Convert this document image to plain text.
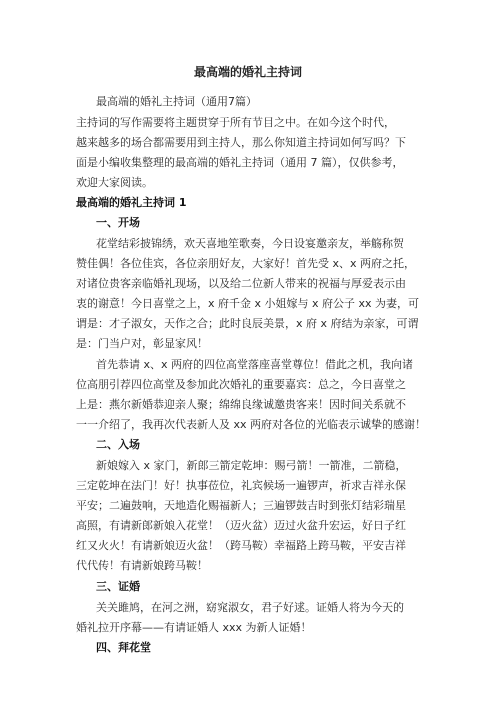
最高端的婚礼主持词
最高端的婚礼主持词（通用7篇）
主持词的写作需要将主题贯穿于所有节目之中。在如今这个时代，
越来越多的场合都需要用到主持人，那么你知道主持词如何写吗？下
面是小编收集整理的最高端的婚礼主持词（通用 7 篇），仅供参考，
欢迎大家阅读。
最高端的婚礼主持词 1
一、开场
花堂结彩披锦绣，欢天喜地笙歌奏，今日设宴邀亲友，举觞称贺
赞佳偶！各位佳宾，各位亲朋好友，大家好！首先受 x、x 两府之托，
对诸位贵客亲临婚礼现场，以及给二位新人带来的祝福与厚爱表示由
衷的谢意！今日喜堂之上，x 府千金 x 小姐嫁与 x 府公子 xx 为妻，可
谓是：才子淑女，天作之合；此时良辰美景，x 府 x 府结为亲家，可谓
是：门当户对，彰显家风！
首先恭请 x、x 两府的四位高堂落座喜堂尊位！借此之机，我向诸
位高朋引荐四位高堂及参加此次婚礼的重要嘉宾：总之，今日喜堂之
上是：燕尔新婚恭迎亲人聚；绵绵良缘诚邀贵客来！因时间关系就不
一一介绍了，我再次代表新人及 xx 两府对各位的光临表示诚挚的感谢！
二、入场
新娘嫁入 x 家门，新郎三箭定乾坤：赐弓箭！一箭准，二箭稳，
三定乾坤在法门！好！执事莅位，礼宾候场一遍锣声，祈求吉祥永保
平安；二遍鼓响，天地造化赐福新人；三遍锣鼓吉时到张灯结彩瑞星
高照，有请新郎新娘入花堂！（迈火盆）迈过火盆升宏运，好日子红
红又火火！有请新娘迈火盆！（跨马鞍）幸福路上跨马鞍，平安吉祥
代代传！有请新娘跨马鞍！
三、证婚
关关雎鸠，在河之洲，窈窕淑女，君子好逑。证婚人将为今天的
婚礼拉开序幕——有请证婚人 xxx 为新人证婚！
四、拜花堂
